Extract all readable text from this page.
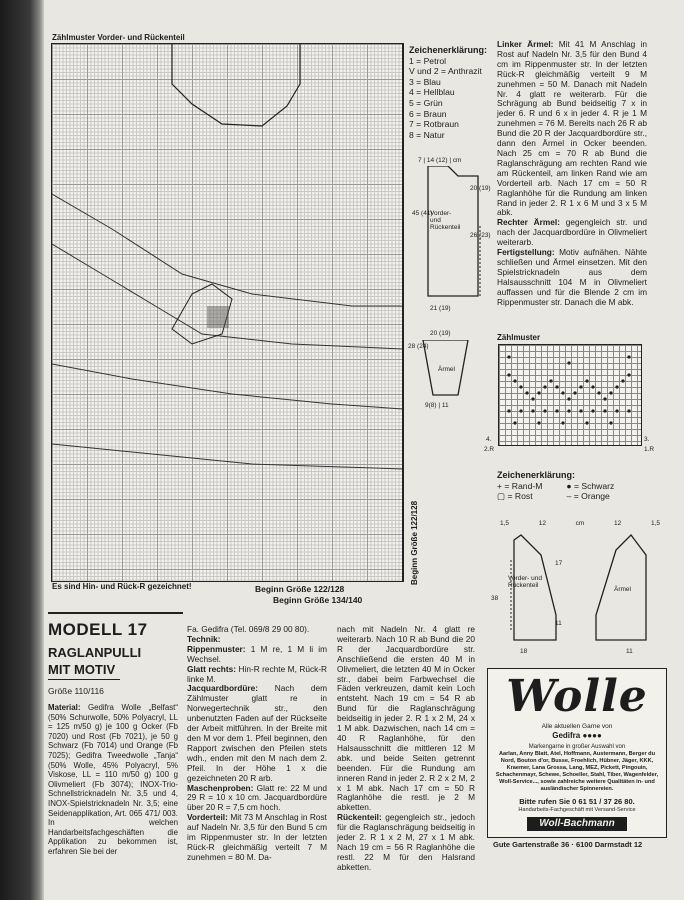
Zählmuster Vorder- und Rückenteil
Es sind Hin- und Rück-R gezeichnet!	Beginn Größe 122/128
Beginn Größe 134/140
Beginn Größe 122/128
Zeichenerklärung:
1 = Petrol
V und 2 = Anthrazit
3 = Blau
4 = Hellblau
5 = Grün
6 = Braun
7 = Rotbraun
8 = Natur
7 | 14 (12) | cm
45 (41)
Vorder- und Rückenteil
20 (19)
26 (23)
21 (19)
20 (19)
28 (24)
Ärmel
9(8) | 11
Linker Ärmel: Mit 41 M Anschlag in Rost auf Nadeln Nr. 3,5 für den Bund 4 cm im Rippenmuster str. In der letzten Rück-R gleichmäßig verteilt 9 M zunehmen = 50 M. Danach mit Nadeln Nr. 4 glatt re weiterarb. Für die Schrägung ab Bund beidseitig 7 x in jeder 6. R und 6 x in jeder 4. R je 1 M zunehmen = 76 M. Bereits nach 26 R ab Bund die 20 R der Jacquardbordüre str., dann den Ärmel in Ocker beenden. Nach 25 cm = 70 R ab Bund die Raglanschrägung am rechten Rand wie am Rückenteil, am linken Rand wie am Vorderteil arb. Nach 17 cm = 50 R Raglanhöhe für die Rundung am linken Rand in jeder 2. R 1 x 6 M und 3 x 5 M abk.
Rechter Ärmel: gegengleich str. und nach der Jacquardbordüre in Olivmeliert weiterarb.
Fertigstellung: Motiv aufnähen. Nähte schließen und Ärmel einsetzen. Mit den Spielstricknadeln aus dem Halsausschnitt 104 M in Olivmeliert auffassen und für die Blende 2 cm im Rippenmuster str. Danach die M abk.
Zählmuster
4.
2.R
3.
1.R
Zeichenerklärung:
+ = Rand-M	● = Schwarz
▢ = Rost	– = Orange
1,5	12	cm	12	1,5
Vorder- und Rückenteil
Ärmel
38
17
11
18	11
MODELL 17
RAGLANPULLI
MIT MOTIV
Größe 110/116
Material: Gedifra Wolle „Belfast“ (50% Schurwolle, 50% Polyacryl, LL = 125 m/50 g) je 100 g Ocker (Fb 7020) und Rost (Fb 7021), je 50 g Schwarz (Fb 7014) und Orange (Fb 7025); Gedifra Tweedwolle „Tanja“ (50% Wolle, 45% Polyacryl, 5% Viskose, LL = 110 m/50 g) 100 g Olivmeliert (Fb 3074); INOX-Trio-Schnellstricknadeln Nr. 3,5 und 4, INOX-Spielstricknadeln Nr. 3,5; eine Seidenapplikation, Art. 065 471/ 003. In welchen Handarbeitsfachgeschäften die Applikation zu bekommen ist, erfahren Sie bei der
Fa. Gedifra (Tel. 069/8 29 00 80).
Technik:
Rippenmuster: 1 M re, 1 M li im Wechsel.
Glatt rechts: Hin-R rechte M, Rück-R linke M.
Jacquardbordüre: Nach dem Zählmuster glatt re in Norwegertechnik str., den unbenutzten Faden auf der Rückseite der Arbeit mitführen. In der Breite mit den M vor dem 1. Pfeil beginnen, den Rapport zwischen den Pfeilen stets wdh., enden mit den M nach dem 2. Pfeil. In der Höhe 1 x die gezeichneten 20 R arb.
Maschenproben: Glatt re: 22 M und 29 R = 10 x 10 cm. Jacquardbordüre über 20 R = 7,5 cm hoch.
Vorderteil: Mit 73 M Anschlag in Rost auf Nadeln Nr. 3,5 für den Bund 5 cm im Rippenmuster str. In der letzten Rück-R gleichmäßig verteilt 7 M zunehmen = 80 M. Da-
nach mit Nadeln Nr. 4 glatt re weiterarb. Nach 10 R ab Bund die 20 R der Jacquardbordüre str. Anschließend die ersten 40 M in Olivmeliert, die letzten 40 M in Ocker str., dabei beim Farbwechsel die Fäden verkreuzen, damit kein Loch entsteht. Nach 19 cm = 54 R ab Bund für die Raglanschrägung beidseitig in jeder 2. R 1 x 2 M, 24 x 1 M abk. Dazwischen, nach 14 cm = 40 R Raglanhöhe, für den Halsausschnitt die mittleren 12 M abk. und beide Seiten getrennt beenden. Für die Rundung am inneren Rand in jeder 2. R 2 x 2 M, 2 x 1 M abk. Nach 17 cm = 50 R Raglanhöhe die restl. je 2 M abketten.
Rückenteil: gegengleich str., jedoch für die Raglanschrägung beidseitig in jeder 2. R 1 x 2 M, 27 x 1 M abk. Nach 19 cm = 56 R Raglanhöhe die restl. 22 M für den Halsrand abketten.
Wolle
Alle aktuellen Garne von
Gedifra ●●●●
Markengarne in großer Auswahl von
Aarlan, Anny Blatt, Atel, Hoffmann, Austermann, Berger du Nord, Bouton d'or, Busse, Froehlich, Hübner, Jäger, KKK, Kraemer, Lana Grossa, Lang, MEZ, Pickett, Pingouin, Schachenmayr, Schewe, Schoeller, Stahl, Tiber, Wagenfelder, Woll-Service..., sowie zahlreiche weitere Qualitäten in- und ausländischer Spinnereien.
Bitte rufen Sie 0 61 51 / 37 26 80.
Handarbeits-Fachgeschäft mit Versand-Service
Woll-Bachmann
Gute Gartenstraße 36 · 6100 Darmstadt 12
